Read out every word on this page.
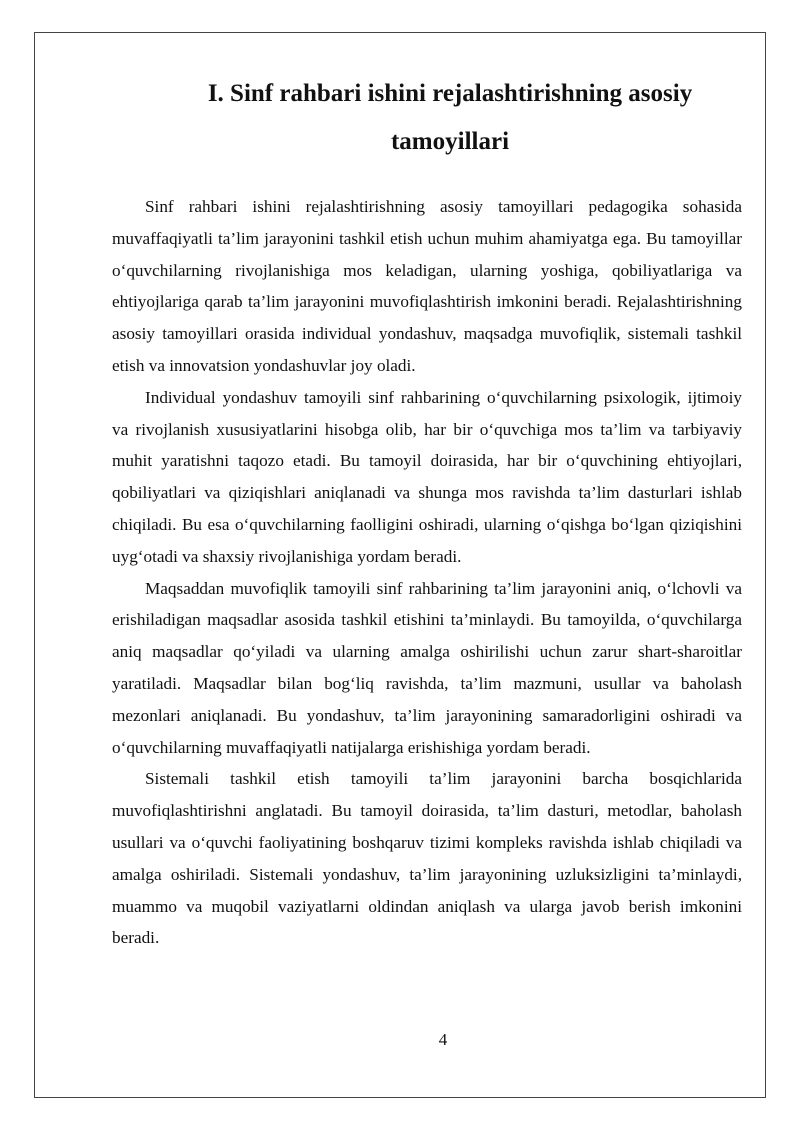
I. Sinf rahbari ishini rejalashtirishning asosiy
tamoyillari

Sinf rahbari ishini rejalashtirishning asosiy tamoyillari pedagogika sohasida muvaffaqiyatli ta’lim jarayonini tashkil etish uchun muhim ahamiyatga ega. Bu tamoyillar o‘quvchilarning rivojlanishiga mos keladigan, ularning yoshiga, qobiliyatlariga va ehtiyojlariga qarab ta’lim jarayonini muvofiqlashtirish imkonini beradi. Rejalashtirishning asosiy tamoyillari orasida individual yondashuv, maqsadga muvofiqlik, sistemali tashkil etish va innovatsion yondashuvlar joy oladi.

Individual yondashuv tamoyili sinf rahbarining o‘quvchilarning psixologik, ijtimoiy va rivojlanish xususiyatlarini hisobga olib, har bir o‘quvchiga mos ta’lim va tarbiyaviy muhit yaratishni taqozo etadi. Bu tamoyil doirasida, har bir o‘quvchining ehtiyojlari, qobiliyatlari va qiziqishlari aniqlanadi va shunga mos ravishda ta’lim dasturlari ishlab chiqiladi. Bu esa o‘quvchilarning faolligini oshiradi, ularning o‘qishga bo‘lgan qiziqishini uyg‘otadi va shaxsiy rivojlanishiga yordam beradi.

Maqsaddan muvofiqlik tamoyili sinf rahbarining ta’lim jarayonini aniq, o‘lchovli va erishiladigan maqsadlar asosida tashkil etishini ta’minlaydi. Bu tamoyilda, o‘quvchilarga aniq maqsadlar qo‘yiladi va ularning amalga oshirilishi uchun zarur shart-sharoitlar yaratiladi. Maqsadlar bilan bog‘liq ravishda, ta’lim mazmuni, usullar va baholash mezonlari aniqlanadi. Bu yondashuv, ta’lim jarayonining samaradorligini oshiradi va o‘quvchilarning muvaffaqiyatli natijalarga erishishiga yordam beradi.

Sistemali tashkil etish tamoyili ta’lim jarayonini barcha bosqichlarida muvofiqlashtirishni anglatadi. Bu tamoyil doirasida, ta’lim dasturi, metodlar, baholash usullari va o‘quvchi faoliyatining boshqaruv tizimi kompleks ravishda ishlab chiqiladi va amalga oshiriladi. Sistemali yondashuv, ta’lim jarayonining uzluksizligini ta’minlaydi, muammo va muqobil vaziyatlarni oldindan aniqlash va ularga javob berish imkonini beradi.

4
